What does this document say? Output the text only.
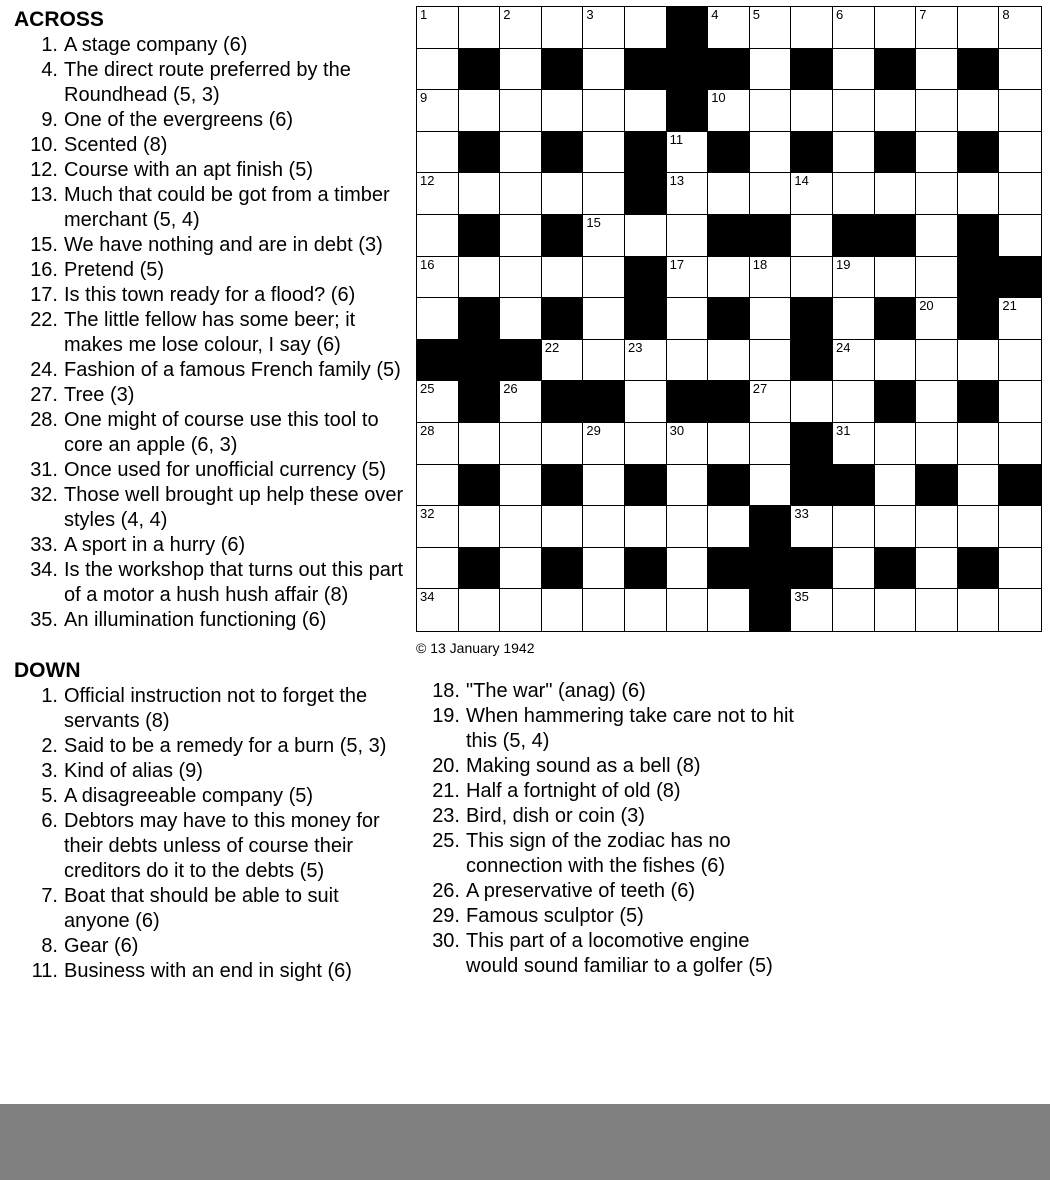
ACROSS
1. A stage company (6)
4. The direct route preferred by the Roundhead (5, 3)
9. One of the evergreens (6)
10. Scented (8)
12. Course with an apt finish (5)
13. Much that could be got from a timber merchant (5, 4)
15. We have nothing and are in debt (3)
16. Pretend (5)
17. Is this town ready for a flood? (6)
22. The little fellow has some beer; it makes me lose colour, I say (6)
24. Fashion of a famous French family (5)
27. Tree (3)
28. One might of course use this tool to core an apple (6, 3)
31. Once used for unofficial currency (5)
32. Those well brought up help these over styles (4, 4)
33. A sport in a hurry (6)
34. Is the workshop that turns out this part of a motor a hush hush affair (8)
35. An illumination functioning (6)
DOWN
1. Official instruction not to forget the servants (8)
2. Said to be a remedy for a burn (5, 3)
3. Kind of alias (9)
5. A disagreeable company (5)
6. Debtors may have to this money for their debts unless of course their creditors do it to the debts (5)
7. Boat that should be able to suit anyone (6)
8. Gear (6)
11. Business with an end in sight (6)
1	2	3	4	5	6	7	8
9	10
11
12	13	14
15
16	17	18	19
20	21
22	23	24
25	26	27
28	29	30	31
32	33
34	35
© 13 January 1942
18. "The war" (anag) (6)
19. When hammering take care not to hit this (5, 4)
20. Making sound as a bell (8)
21. Half a fortnight of old (8)
23. Bird, dish or coin (3)
25. This sign of the zodiac has no connection with the fishes (6)
26. A preservative of teeth (6)
29. Famous sculptor (5)
30. This part of a locomotive engine would sound familiar to a golfer (5)
